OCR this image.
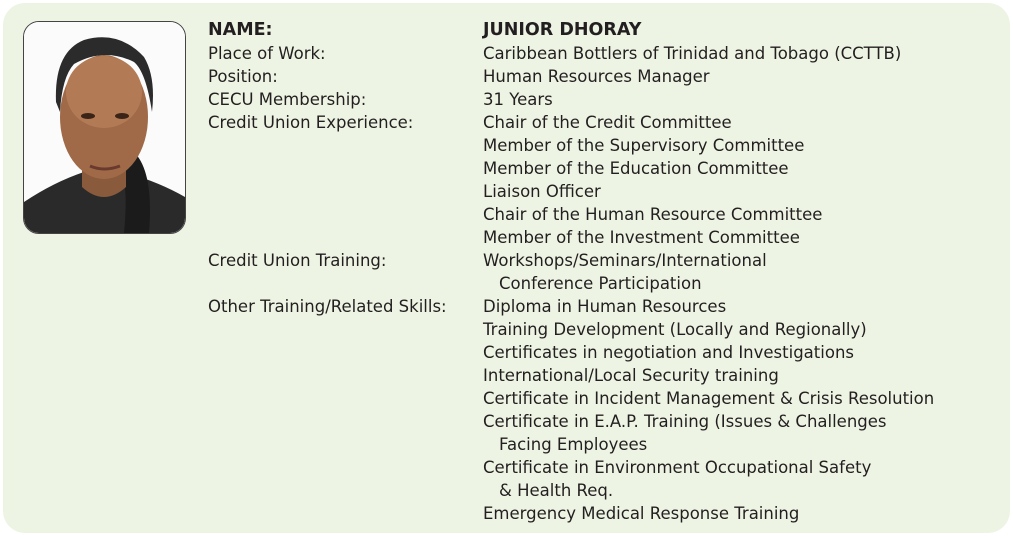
NAME:	JUNIOR DHORAY
Place of Work:	Caribbean Bottlers of Trinidad and Tobago (CCTTB)
Position:	Human Resources Manager
CECU Membership:	31 Years
Credit Union Experience:	Chair of the Credit Committee
Member of the Supervisory Committee
Member of the Education Committee
Liaison Officer
Chair of the Human Resource Committee
Member of the Investment Committee
Credit Union Training:	Workshops/Seminars/International
Conference Participation
Other Training/Related Skills:	Diploma in Human Resources
Training Development (Locally and Regionally)
Certificates in negotiation and Investigations
International/Local Security training
Certificate in Incident Management & Crisis Resolution
Certificate in E.A.P. Training (Issues & Challenges
Facing Employees
Certificate in Environment Occupational Safety
& Health Req.
Emergency Medical Response Training
